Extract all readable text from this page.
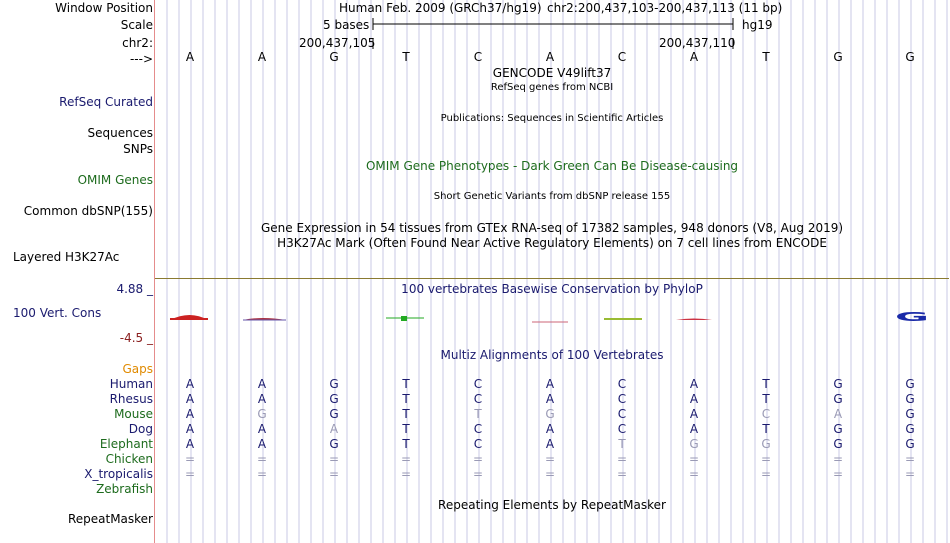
Window Position
Scale
chr2:
--->
Human Feb. 2009 (GRCh37/hg19) chr2:200,437,103-200,437,113 (11 bp)
5 bases	hg19
200,437,105	200,437,110
GENCODE V49lift37
RefSeq genes from NCBI
RefSeq Curated
Publications: Sequences in Scientific Articles
Sequences
SNPs
OMIM Gene Phenotypes - Dark Green Can Be Disease-causing
OMIM Genes
Short Genetic Variants from dbSNP release 155
Common dbSNP(155)
Gene Expression in 54 tissues from GTEx RNA-seq of 17382 samples, 948 donors (V8, Aug 2019)
H3K27Ac Mark (Often Found Near Active Regulatory Elements) on 7 cell lines from ENCODE
Layered H3K27Ac
4.88 _	100 vertebrates Basewise Conservation by PhyloP
100 Vert. Cons
-4.5 _
G
Multiz Alignments of 100 Vertebrates
Gaps
Repeating Elements by RepeatMasker
RepeatMasker
A	A	G	T	C	A	C	A	T	G	G
Human	A	A	G	T	C	A	C	A	T	G	G
Rhesus	A	A	G	T	C	A	C	A	T	G	G
Mouse	A	G	G	T	T	G	C	A	C	A	G
Dog	A	A	A	T	C	A	C	A	T	G	G
Elephant	A	A	G	T	C	A	T	G	G	G	G
Chicken	=	=	=	=	=	=	=	=	=	=	=
X_tropicalis	=	=	=	=	=	=	=	=	=	=	=
Zebrafish
